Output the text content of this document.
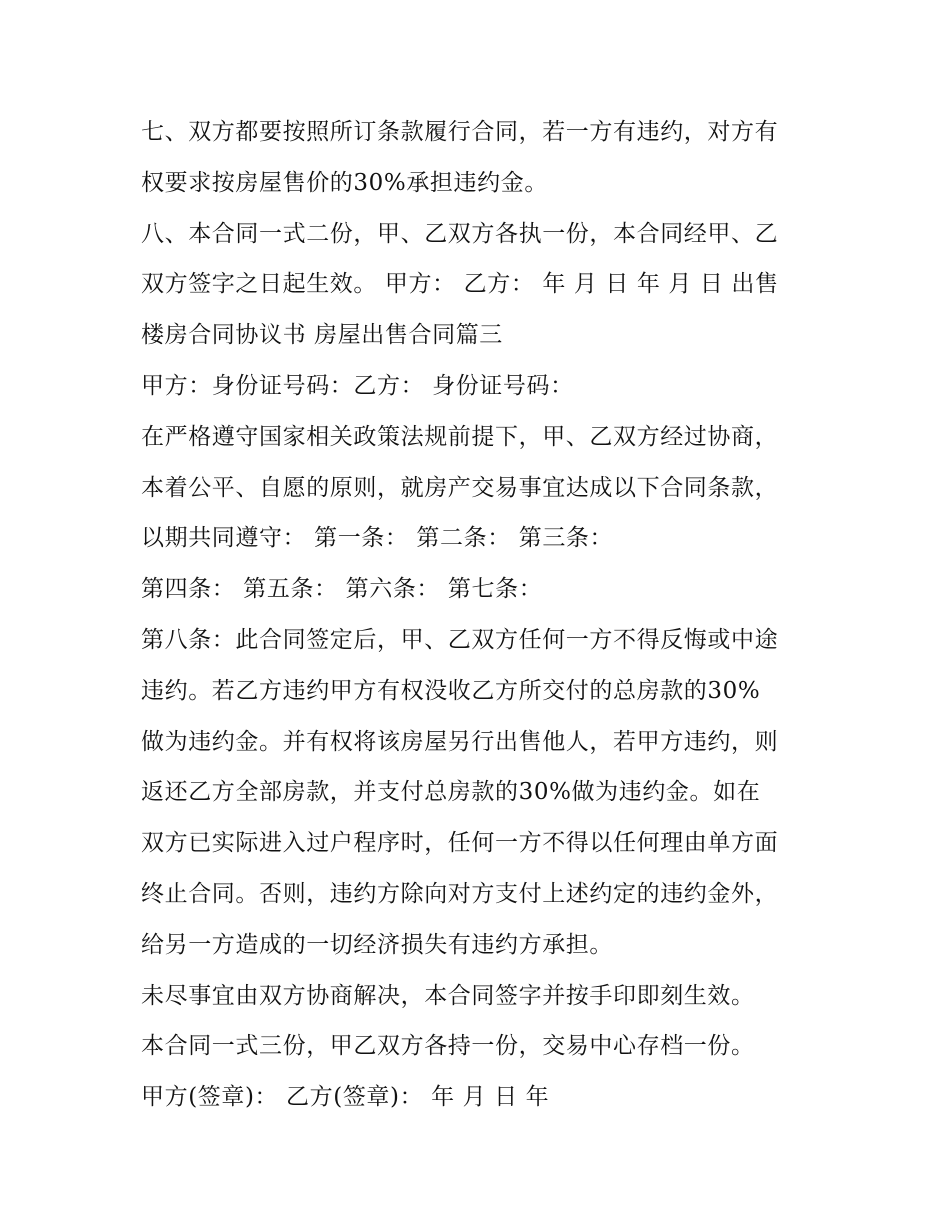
七、双方都要按照所订条款履行合同，若一方有违约，对方有
权要求按房屋售价的30%承担违约金。
八、本合同一式二份，甲、乙双方各执一份，本合同经甲、乙
双方签字之日起生效。 甲方： 乙方： 年 月 日 年 月 日 出售
楼房合同协议书 房屋出售合同篇三
甲方：身份证号码：乙方： 身份证号码：
在严格遵守国家相关政策法规前提下，甲、乙双方经过协商，
本着公平、自愿的原则，就房产交易事宜达成以下合同条款，
以期共同遵守： 第一条： 第二条： 第三条：
第四条： 第五条： 第六条： 第七条：
第八条：此合同签定后，甲、乙双方任何一方不得反悔或中途
违约。若乙方违约甲方有权没收乙方所交付的总房款的30%
做为违约金。并有权将该房屋另行出售他人，若甲方违约，则
返还乙方全部房款，并支付总房款的30%做为违约金。如在
双方已实际进入过户程序时，任何一方不得以任何理由单方面
终止合同。否则，违约方除向对方支付上述约定的违约金外，
给另一方造成的一切经济损失有违约方承担。
未尽事宜由双方协商解决，本合同签字并按手印即刻生效。
本合同一式三份，甲乙双方各持一份，交易中心存档一份。
甲方(签章)： 乙方(签章)： 年 月 日 年
